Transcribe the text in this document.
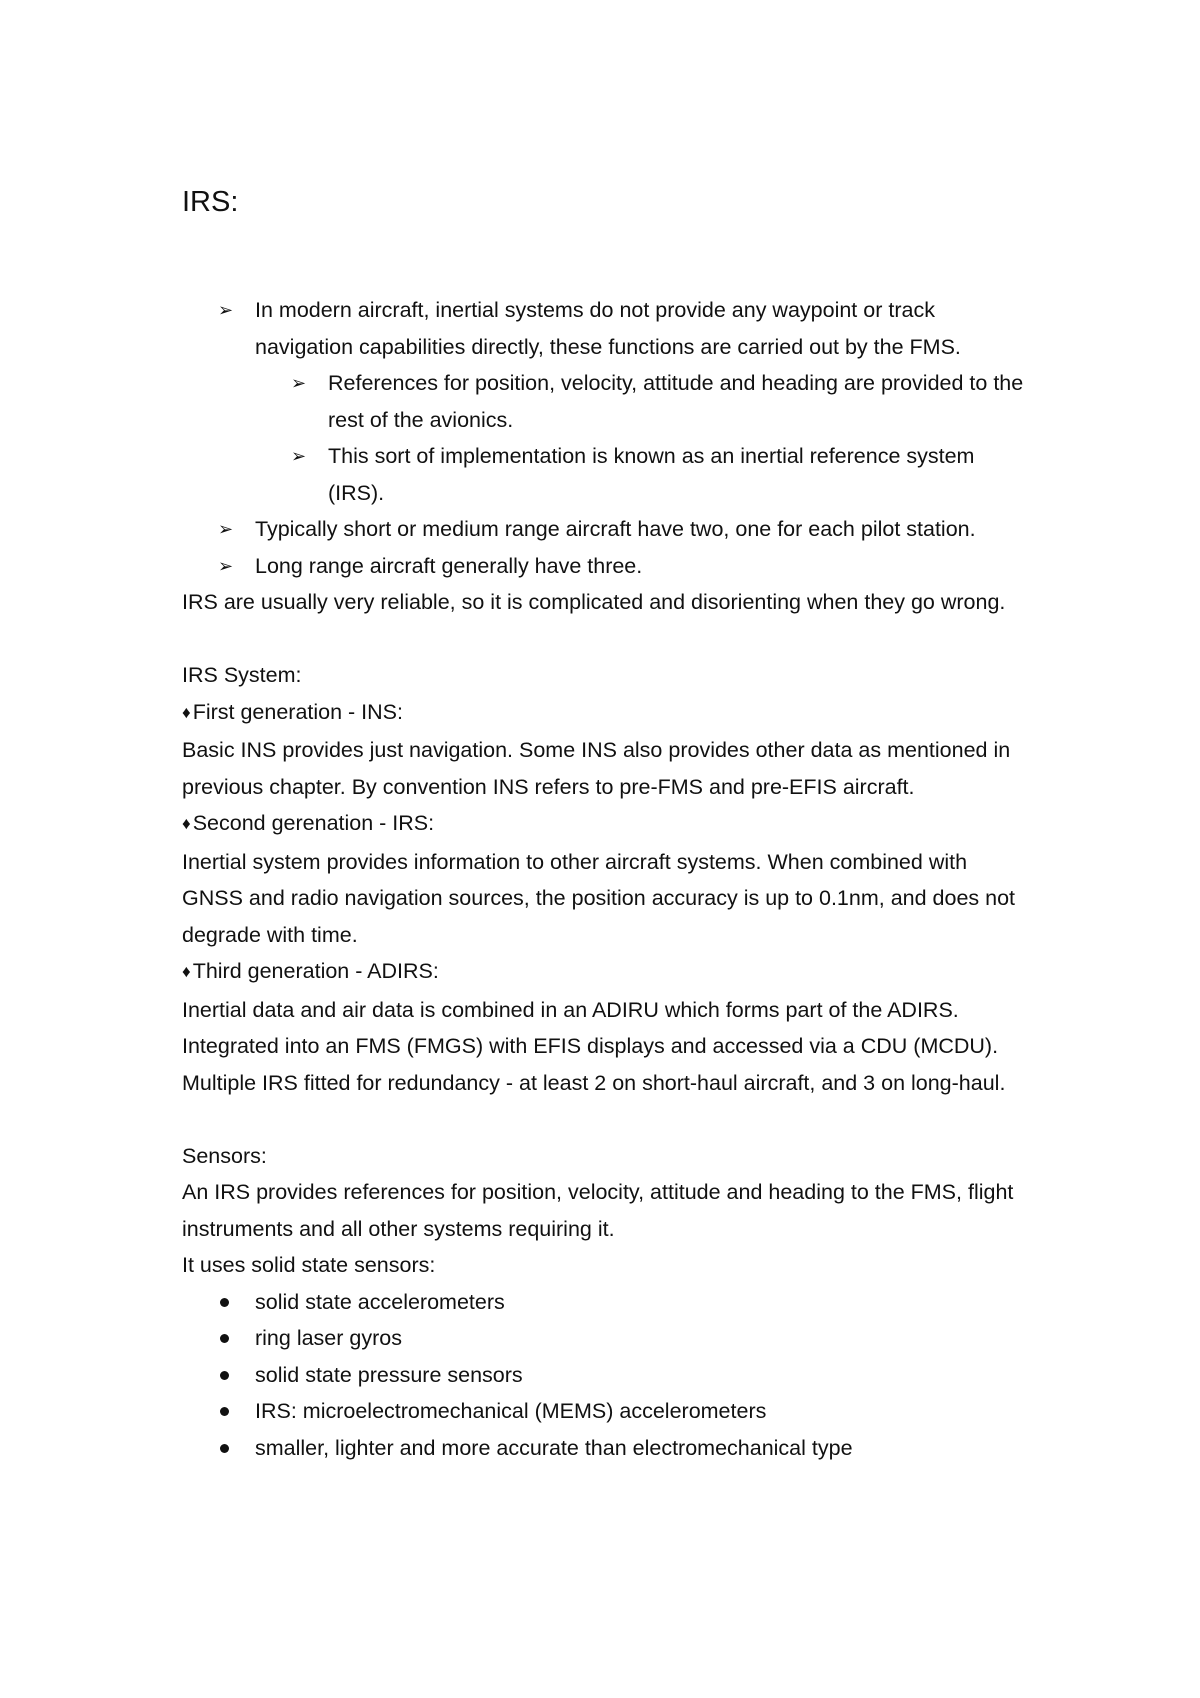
IRS:
➢ In modern aircraft, inertial systems do not provide any waypoint or track navigation capabilities directly, these functions are carried out by the FMS.
➢ References for position, velocity, attitude and heading are provided to the rest of the avionics.
➢ This sort of implementation is known as an inertial reference system (IRS).
➢ Typically short or medium range aircraft have two, one for each pilot station.
➢ Long range aircraft generally have three.

IRS are usually very reliable, so it is complicated and disorienting when they go wrong.

IRS System:

♦First generation - INS:

Basic INS provides just navigation. Some INS also provides other data as mentioned in previous chapter. By convention INS refers to pre-FMS and pre-EFIS aircraft.

♦Second gerenation - IRS:

Inertial system provides information to other aircraft systems. When combined with GNSS and radio navigation sources, the position accuracy is up to 0.1nm, and does not degrade with time.

♦Third generation - ADIRS:

Inertial data and air data is combined in an ADIRU which forms part of the ADIRS. Integrated into an FMS (FMGS) with EFIS displays and accessed via a CDU (MCDU). Multiple IRS fitted for redundancy - at least 2 on short-haul aircraft, and 3 on long-haul.

Sensors:

An IRS provides references for position, velocity, attitude and heading to the FMS, flight instruments and all other systems requiring it.

It uses solid state sensors:

solid state accelerometers
ring laser gyros
solid state pressure sensors
IRS: microelectromechanical (MEMS) accelerometers
smaller, lighter and more accurate than electromechanical type
